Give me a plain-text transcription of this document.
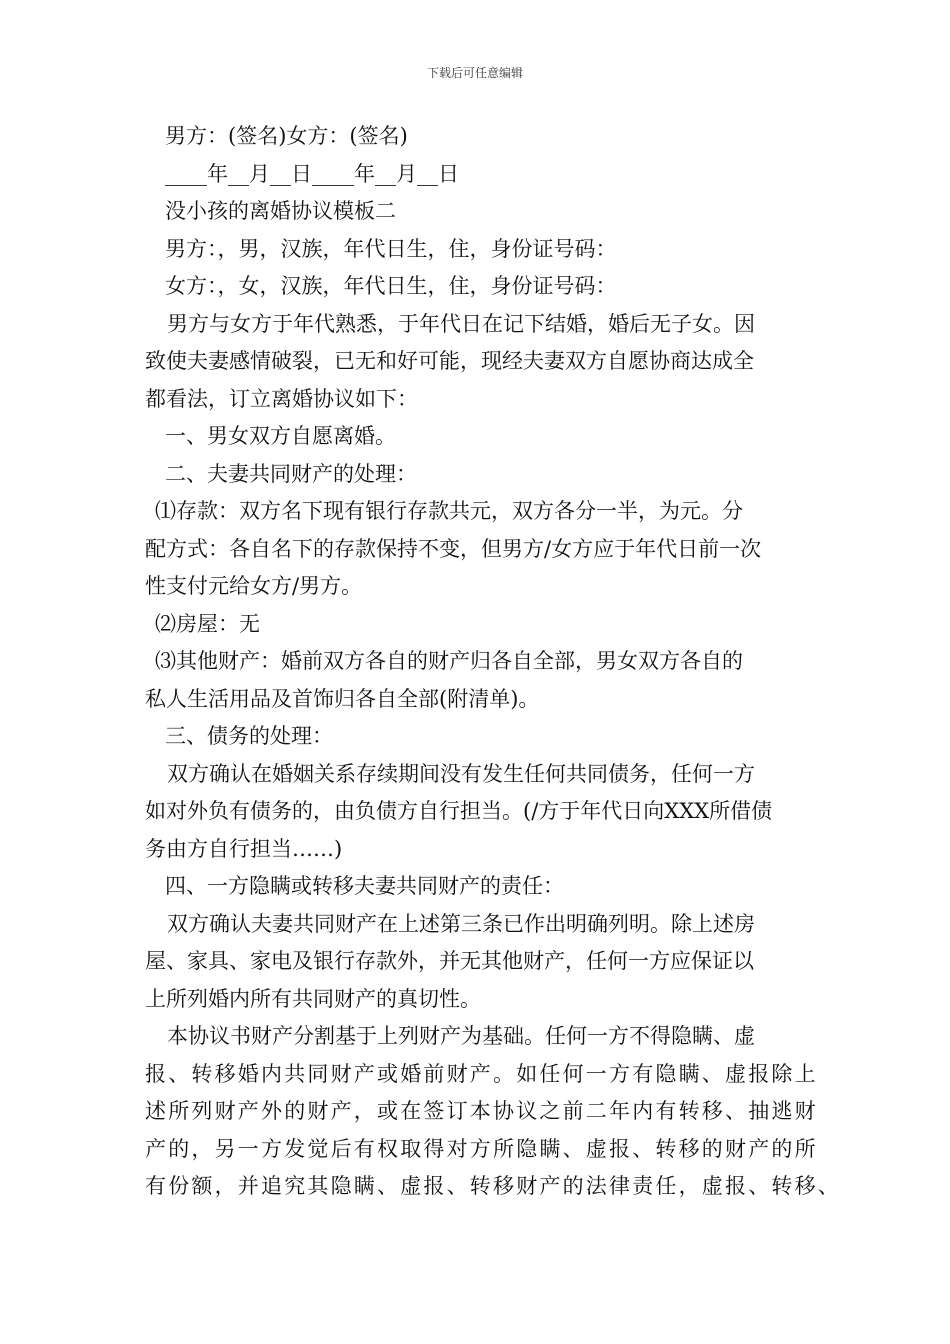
下载后可任意编辑

男方：(签名)女方：(签名)

____年__月__日____年__月__日

没小孩的离婚协议模板二

男方：，男，汉族，年代日生，住，身份证号码：

女方：，女，汉族，年代日生，住，身份证号码：

男方与女方于年代熟悉，于年代日在记下结婚，婚后无子女。因

致使夫妻感情破裂，已无和好可能，现经夫妻双方自愿协商达成全

都看法，订立离婚协议如下：

一、男女双方自愿离婚。

二、夫妻共同财产的处理：

⑴存款：双方名下现有银行存款共元，双方各分一半，为元。分

配方式：各自名下的存款保持不变，但男方/女方应于年代日前一次

性支付元给女方/男方。

⑵房屋：无

⑶其他财产：婚前双方各自的财产归各自全部，男女双方各自的

私人生活用品及首饰归各自全部(附清单)。

三、债务的处理：

双方确认在婚姻关系存续期间没有发生任何共同债务，任何一方

如对外负有债务的，由负债方自行担当。(/方于年代日向XXX所借债

务由方自行担当……)

四、一方隐瞒或转移夫妻共同财产的责任：

双方确认夫妻共同财产在上述第三条已作出明确列明。除上述房

屋、家具、家电及银行存款外，并无其他财产，任何一方应保证以

上所列婚内所有共同财产的真切性。

本协议书财产分割基于上列财产为基础。任何一方不得隐瞒、虚

报、转移婚内共同财产或婚前财产。如任何一方有隐瞒、虚报除上

述所列财产外的财产，或在签订本协议之前二年内有转移、抽逃财

产的，另一方发觉后有权取得对方所隐瞒、虚报、转移的财产的所

有份额，并追究其隐瞒、虚报、转移财产的法律责任，虚报、转移、
